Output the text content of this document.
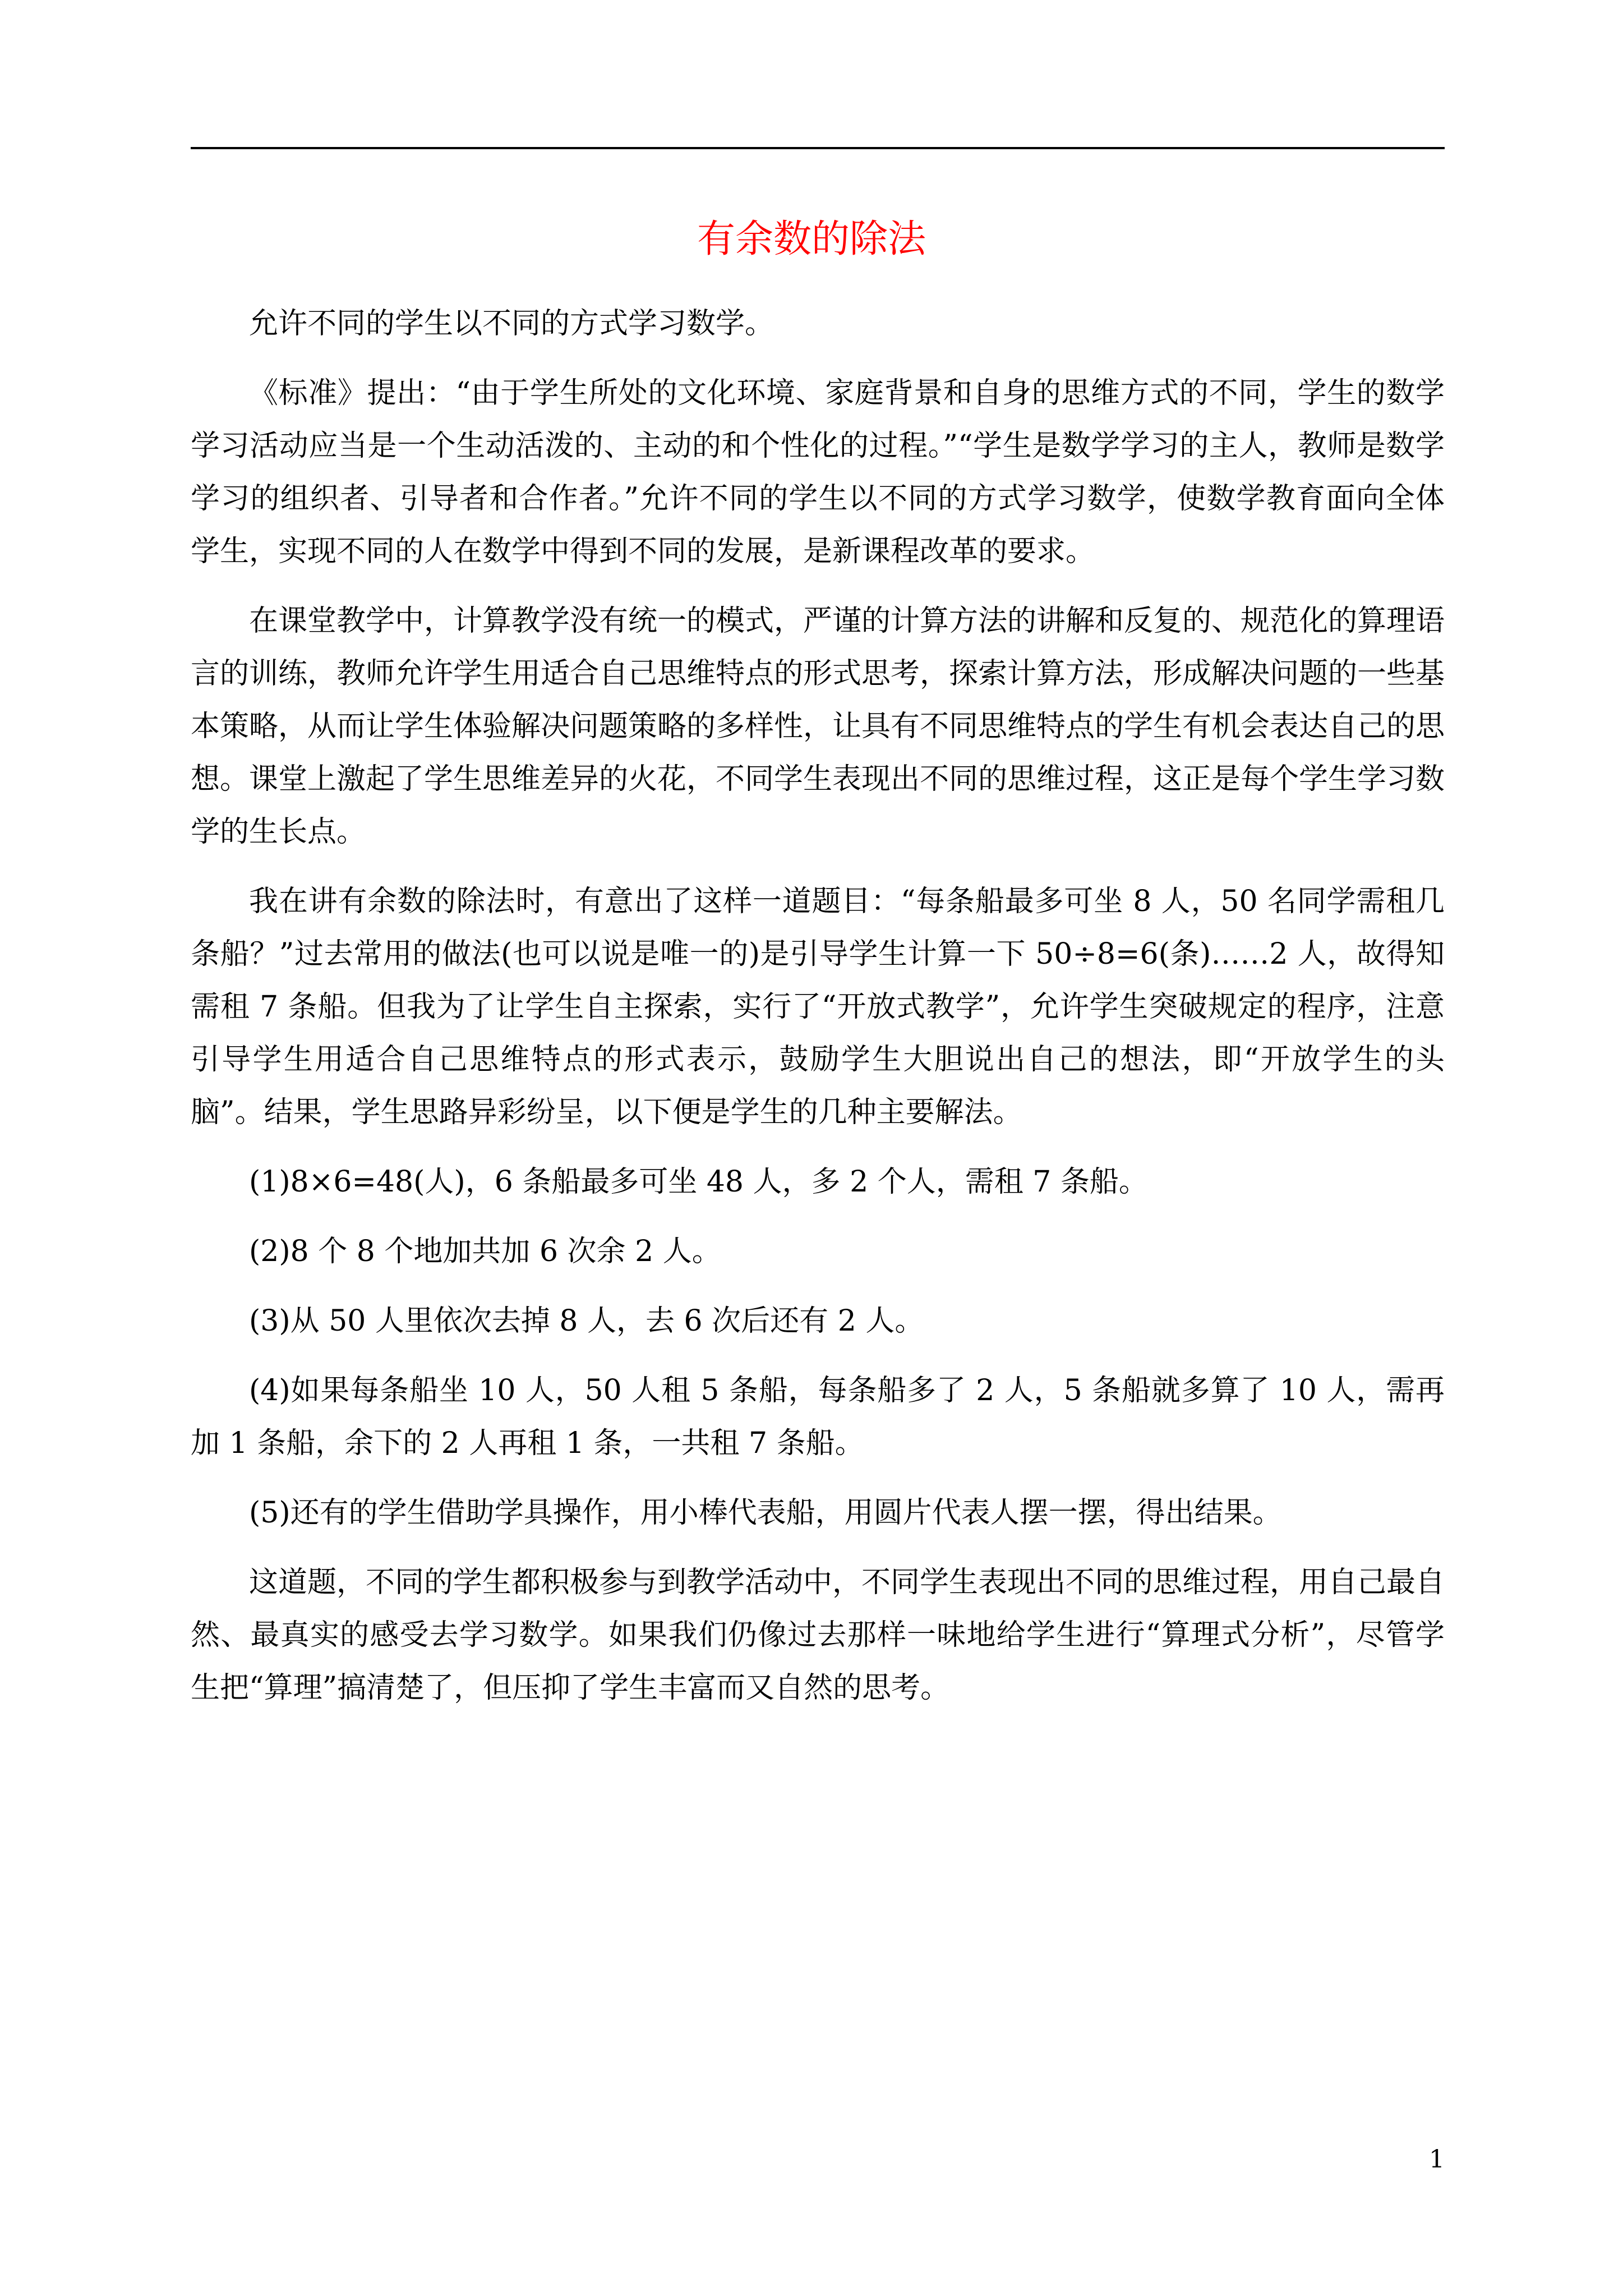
有余数的除法

允许不同的学生以不同的方式学习数学。

《标准》提出：“由于学生所处的文化环境、家庭背景和自身的思维方式的不同，学生的数学学习活动应当是一个生动活泼的、主动的和个性化的过程。”“学生是数学学习的主人，教师是数学学习的组织者、引导者和合作者。”允许不同的学生以不同的方式学习数学，使数学教育面向全体学生，实现不同的人在数学中得到不同的发展，是新课程改革的要求。

在课堂教学中，计算教学没有统一的模式，严谨的计算方法的讲解和反复的、规范化的算理语言的训练，教师允许学生用适合自己思维特点的形式思考，探索计算方法，形成解决问题的一些基本策略，从而让学生体验解决问题策略的多样性，让具有不同思维特点的学生有机会表达自己的思想。课堂上激起了学生思维差异的火花，不同学生表现出不同的思维过程，这正是每个学生学习数学的生长点。

我在讲有余数的除法时，有意出了这样一道题目：“每条船最多可坐 8 人，50 名同学需租几条船？”过去常用的做法(也可以说是唯一的)是引导学生计算一下 50÷8=6(条)……2 人，故得知需租 7 条船。但我为了让学生自主探索，实行了“开放式教学”，允许学生突破规定的程序，注意引导学生用适合自己思维特点的形式表示，鼓励学生大胆说出自己的想法，即“开放学生的头脑”。结果，学生思路异彩纷呈，以下便是学生的几种主要解法。

(1)8×6=48(人)，6 条船最多可坐 48 人，多 2 个人，需租 7 条船。

(2)8 个 8 个地加共加 6 次余 2 人。

(3)从 50 人里依次去掉 8 人，去 6 次后还有 2 人。

(4)如果每条船坐 10 人，50 人租 5 条船，每条船多了 2 人，5 条船就多算了 10 人，需再加 1 条船，余下的 2 人再租 1 条，一共租 7 条船。

(5)还有的学生借助学具操作，用小棒代表船，用圆片代表人摆一摆，得出结果。

这道题，不同的学生都积极参与到教学活动中，不同学生表现出不同的思维过程，用自己最自然、最真实的感受去学习数学。如果我们仍像过去那样一味地给学生进行“算理式分析”，尽管学生把“算理”搞清楚了，但压抑了学生丰富而又自然的思考。

1
